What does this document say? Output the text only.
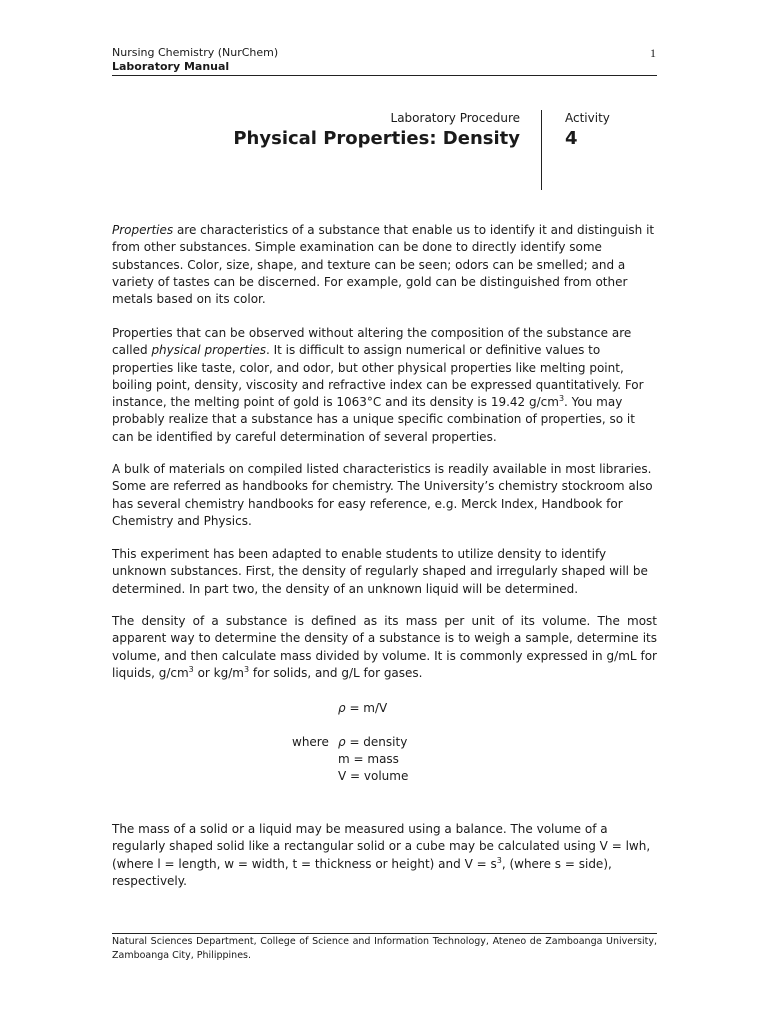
Nursing Chemistry (NurChem)
Laboratory Manual
1
Laboratory Procedure
Physical Properties: Density
Activity
4

Properties are characteristics of a substance that enable us to identify it and distinguish it from other substances. Simple examination can be done to directly identify some substances. Color, size, shape, and texture can be seen; odors can be smelled; and a variety of tastes can be discerned. For example, gold can be distinguished from other metals based on its color.

Properties that can be observed without altering the composition of the substance are called physical properties. It is difficult to assign numerical or definitive values to properties like taste, color, and odor, but other physical properties like melting point, boiling point, density, viscosity and refractive index can be expressed quantitatively. For instance, the melting point of gold is 1063°C and its density is 19.42 $g/cm^3$. You may probably realize that a substance has a unique specific combination of properties, so it can be identified by careful determination of several properties.

A bulk of materials on compiled listed characteristics is readily available in most libraries. Some are referred as handbooks for chemistry. The University’s chemistry stockroom also has several chemistry handbooks for easy reference, e.g. Merck Index, Handbook for Chemistry and Physics.

This experiment has been adapted to enable students to utilize density to identify unknown substances. First, the density of regularly shaped and irregularly shaped will be determined. In part two, the density of an unknown liquid will be determined.

The density of a substance is defined as its mass per unit of its volume. The most apparent way to determine the density of a substance is to weigh a sample, determine its volume, and then calculate mass divided by volume. It is commonly expressed in g/mL for liquids, $g/cm^3$ or $kg/m^3$ for solids, and g/L for gases.

ρ = m/V
where ρ = density
m = mass
V = volume

The mass of a solid or a liquid may be measured using a balance. The volume of a regularly shaped solid like a rectangular solid or a cube may be calculated using V = lwh, (where l = length, w = width, t = thickness or height) and $V = s^3$, (where s = side), respectively.

Natural Sciences Department, College of Science and Information Technology, Ateneo de Zamboanga University, Zamboanga City, Philippines.
